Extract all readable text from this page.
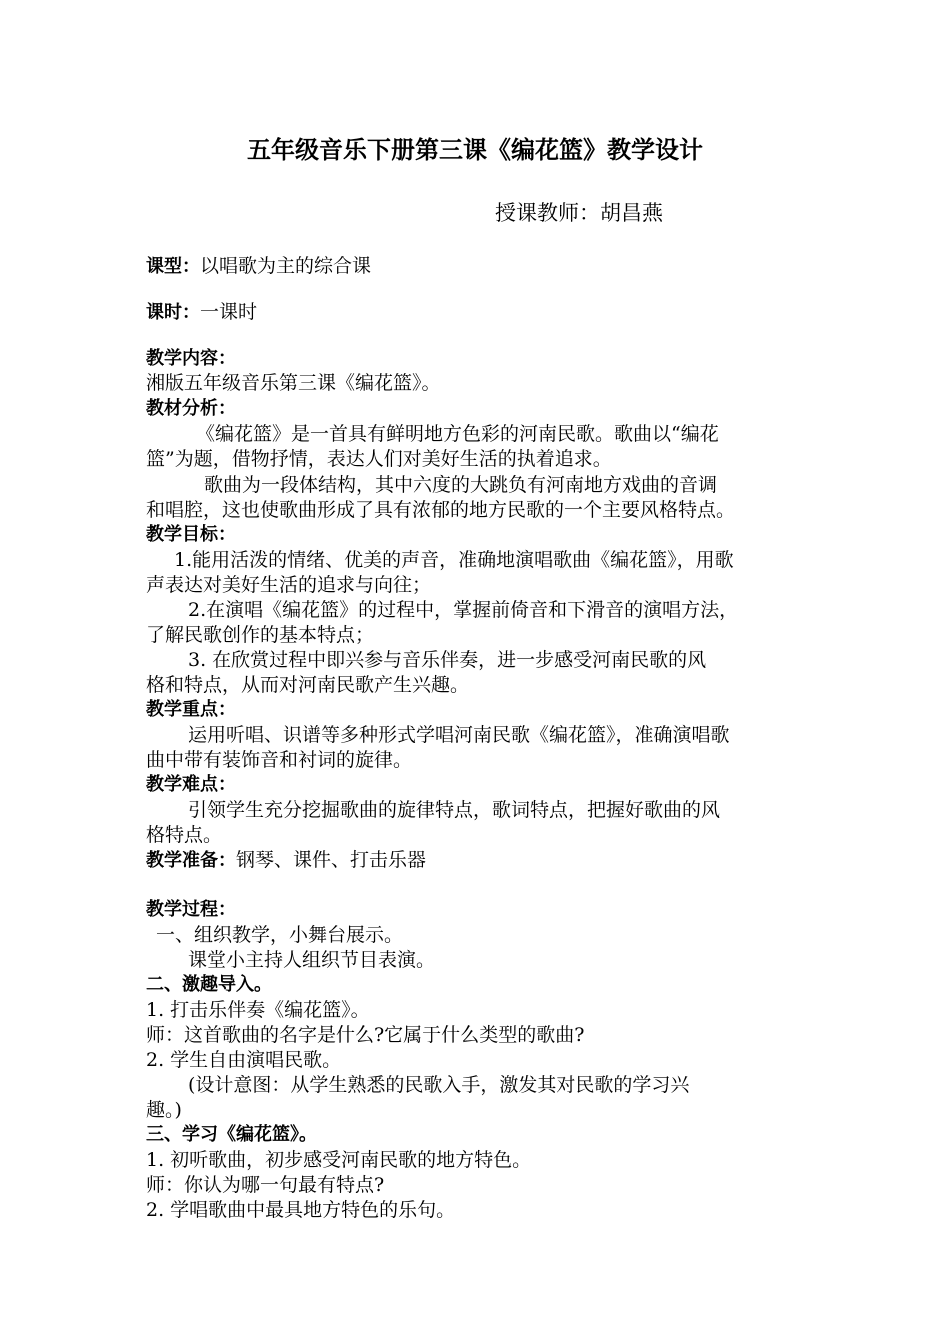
五年级音乐下册第三课《编花篮》教学设计
授课教师：胡昌燕
课型：以唱歌为主的综合课
课时：一课时
教学内容：
湘版五年级音乐第三课《编花篮》。
教材分析：
《编花篮》是一首具有鲜明地方色彩的河南民歌。歌曲以“编花
篮”为题，借物抒情，表达人们对美好生活的执着追求。
歌曲为一段体结构，其中六度的大跳负有河南地方戏曲的音调
和唱腔，这也使歌曲形成了具有浓郁的地方民歌的一个主要风格特点。
教学目标：
1.能用活泼的情绪、优美的声音，准确地演唱歌曲《编花篮》，用歌
声表达对美好生活的追求与向往；
2.在演唱《编花篮》的过程中，掌握前倚音和下滑音的演唱方法，
了解民歌创作的基本特点；
3. 在欣赏过程中即兴参与音乐伴奏，进一步感受河南民歌的风
格和特点，从而对河南民歌产生兴趣。
教学重点：
运用听唱、识谱等多种形式学唱河南民歌《编花篮》，准确演唱歌
曲中带有装饰音和衬词的旋律。
教学难点：
引领学生充分挖掘歌曲的旋律特点，歌词特点，把握好歌曲的风
格特点。
教学准备：钢琴、课件、打击乐器
教学过程：
一、组织教学，小舞台展示。
课堂小主持人组织节目表演。
二、激趣导入。
1. 打击乐伴奏《编花篮》。
师：这首歌曲的名字是什么?它属于什么类型的歌曲?
2. 学生自由演唱民歌。
(设计意图：从学生熟悉的民歌入手，激发其对民歌的学习兴
趣。)
三、学习《编花篮》。
1. 初听歌曲，初步感受河南民歌的地方特色。
师：你认为哪一句最有特点?
2. 学唱歌曲中最具地方特色的乐句。
